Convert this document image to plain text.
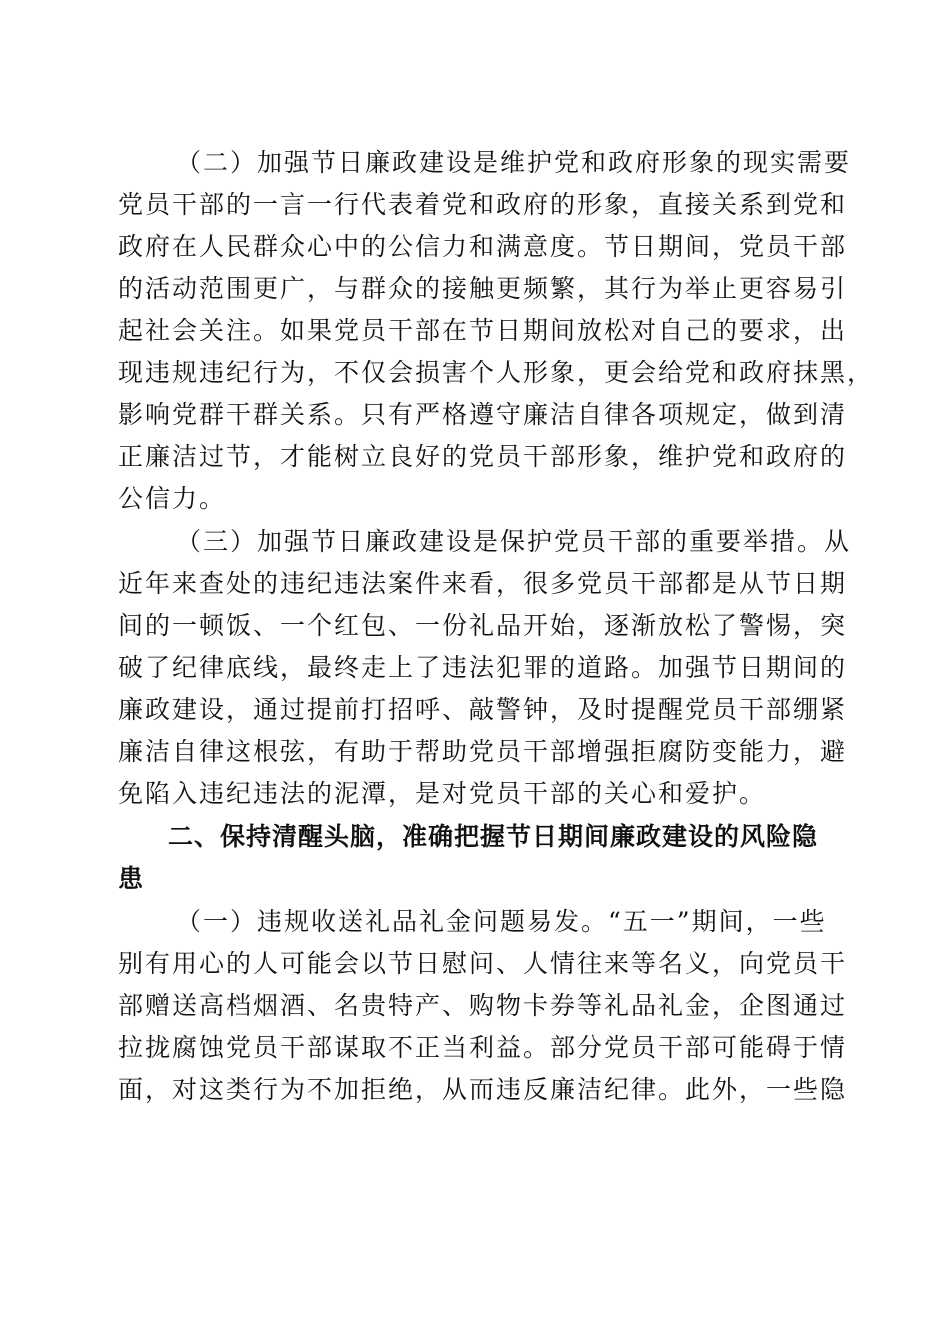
（二）加强节日廉政建设是维护党和政府形象的现实需要
党员干部的一言一行代表着党和政府的形象，直接关系到党和
政府在人民群众心中的公信力和满意度。节日期间，党员干部
的活动范围更广，与群众的接触更频繁，其行为举止更容易引
起社会关注。如果党员干部在节日期间放松对自己的要求，出
现违规违纪行为，不仅会损害个人形象，更会给党和政府抹黑，
影响党群干群关系。只有严格遵守廉洁自律各项规定，做到清
正廉洁过节，才能树立良好的党员干部形象，维护党和政府的
公信力。
（三）加强节日廉政建设是保护党员干部的重要举措。从
近年来查处的违纪违法案件来看，很多党员干部都是从节日期
间的一顿饭、一个红包、一份礼品开始，逐渐放松了警惕，突
破了纪律底线，最终走上了违法犯罪的道路。加强节日期间的
廉政建设，通过提前打招呼、敲警钟，及时提醒党员干部绷紧
廉洁自律这根弦，有助于帮助党员干部增强拒腐防变能力，避
免陷入违纪违法的泥潭，是对党员干部的关心和爱护。
二、保持清醒头脑，准确把握节日期间廉政建设的风险隐
患
（一）违规收送礼品礼金问题易发。“五一”期间，一些
别有用心的人可能会以节日慰问、人情往来等名义，向党员干
部赠送高档烟酒、名贵特产、购物卡券等礼品礼金，企图通过
拉拢腐蚀党员干部谋取不正当利益。部分党员干部可能碍于情
面，对这类行为不加拒绝，从而违反廉洁纪律。此外，一些隐
